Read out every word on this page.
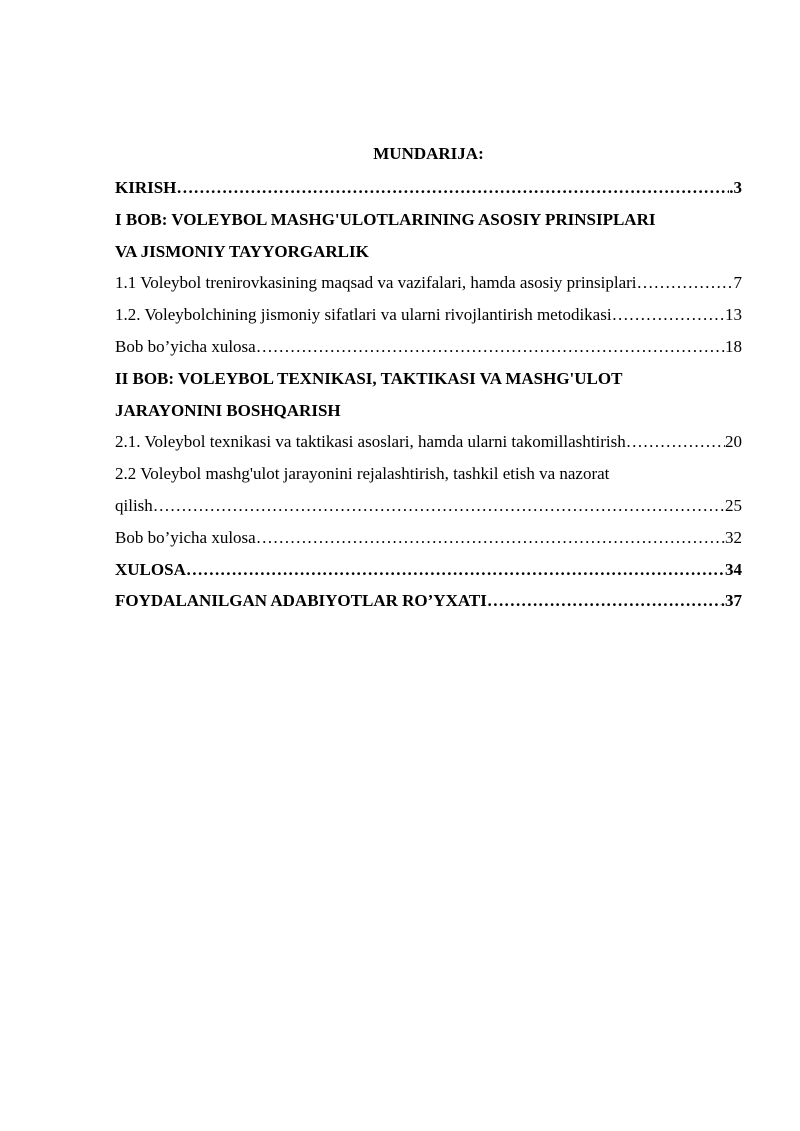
MUNDARIJA:
KIRISH ……………………………………………………………………………………………………………………………………………………………………………………	.3
I BOB: VOLEYBOL MASHG'ULOTLARINING ASOSIY PRINSIPLARI
VA JISMONIY TAYYORGARLIK
1.1 Voleybol trenirovkasining maqsad va vazifalari, hamda asosiy prinsiplari ……………………………………………………………………………………………………………………………………………………………………………………	7
1.2. Voleybolchining jismoniy sifatlari va ularni rivojlantirish metodikasi ……………………………………………………………………………………………………………………………………………………………………………………	13
Bob bo’yicha xulosa ……………………………………………………………………………………………………………………………………………………………………………………	18
II BOB: VOLEYBOL TEXNIKASI, TAKTIKASI VA MASHG'ULOT
JARAYONINI BOSHQARISH
2.1. Voleybol texnikasi va taktikasi asoslari, hamda ularni takomillashtirish ……………………………………………………………………………………………………………………………………………………………………………………	20
2.2 Voleybol mashg'ulot jarayonini rejalashtirish, tashkil etish va nazorat
qilish ……………………………………………………………………………………………………………………………………………………………………………………	25
Bob bo’yicha xulosa ……………………………………………………………………………………………………………………………………………………………………………………	32
XULOSA ……………………………………………………………………………………………………………………………………………………………………………………	34
FOYDALANILGAN ADABIYOTLAR RO’YXATI ……………………………………………………………………………………………………………………………………………………………………………………	.37
